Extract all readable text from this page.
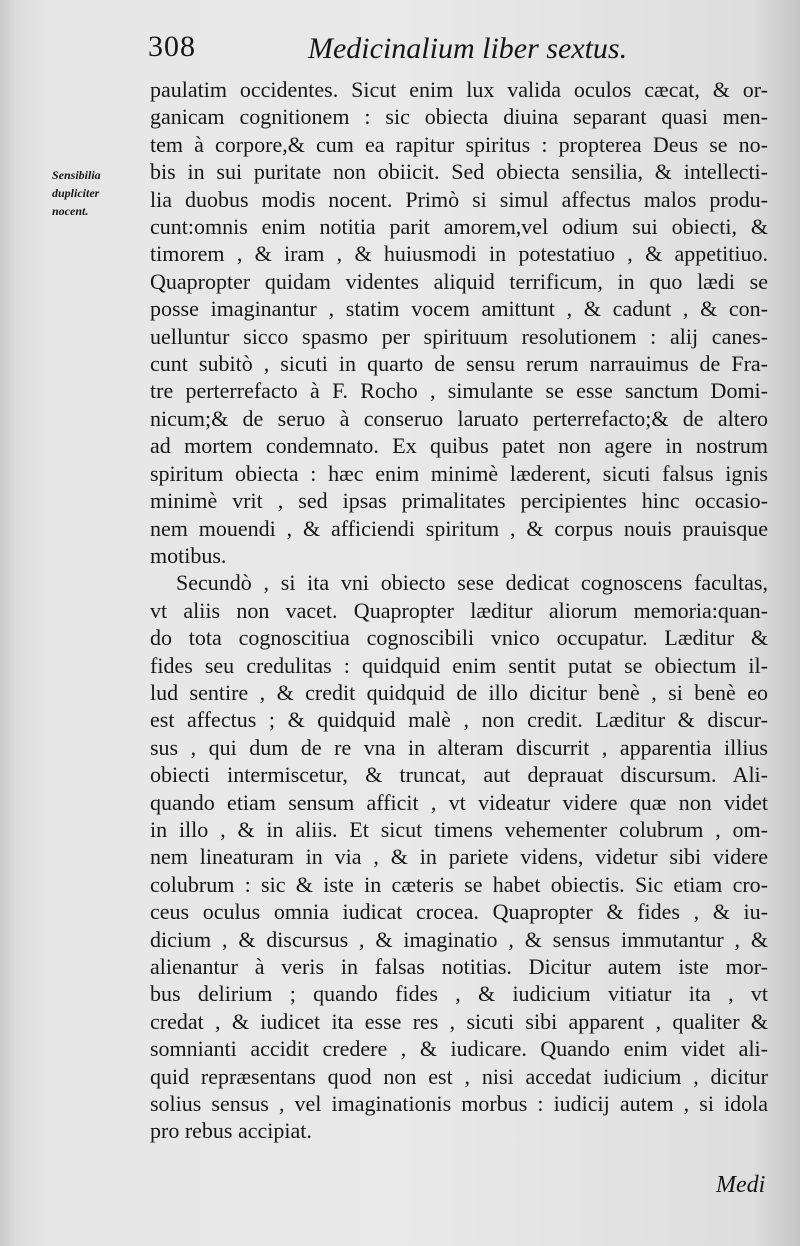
308	Medicinalium liber sextus.
Sensibilia
dupliciter
nocent.
paulatim occidentes. Sicut enim lux valida oculos cæcat, & or-
ganicam cognitionem : sic obiecta diuina separant quasi men-
tem à corpore,& cum ea rapitur spiritus : propterea Deus se no-
bis in sui puritate non obiicit. Sed obiecta sensilia, & intellecti-
lia duobus modis nocent. Primò si simul affectus malos produ-
cunt:omnis enim notitia parit amorem,vel odium sui obiecti, &
timorem , & iram , & huiusmodi in potestatiuo , & appetitiuo.
Quapropter quidam videntes aliquid terrificum, in quo lædi se
posse imaginantur , statim vocem amittunt , & cadunt , & con-
uelluntur sicco spasmo per spirituum resolutionem : alij canes-
cunt subitò , sicuti in quarto de sensu rerum narrauimus de Fra-
tre perterrefacto à F. Rocho , simulante se esse sanctum Domi-
nicum;& de seruo à conseruo laruato perterrefacto;& de altero
ad mortem condemnato. Ex quibus patet non agere in nostrum
spiritum obiecta : hæc enim minimè læderent, sicuti falsus ignis
minimè vrit , sed ipsas primalitates percipientes hinc occasio-
nem mouendi , & afficiendi spiritum , & corpus nouis prauisque
motibus.
Secundò , si ita vni obiecto sese dedicat cognoscens facultas,
vt aliis non vacet. Quapropter læditur aliorum memoria:quan-
do tota cognoscitiua cognoscibili vnico occupatur. Læditur &
fides seu credulitas : quidquid enim sentit putat se obiectum il-
lud sentire , & credit quidquid de illo dicitur benè , si benè eo
est affectus ; & quidquid malè , non credit. Læditur & discur-
sus , qui dum de re vna in alteram discurrit , apparentia illius
obiecti intermiscetur, & truncat, aut deprauat discursum. Ali-
quando etiam sensum afficit , vt videatur videre quæ non videt
in illo , & in aliis. Et sicut timens vehementer colubrum , om-
nem lineaturam in via , & in pariete videns, videtur sibi videre
colubrum : sic & iste in cæteris se habet obiectis. Sic etiam cro-
ceus oculus omnia iudicat crocea. Quapropter & fides , & iu-
dicium , & discursus , & imaginatio , & sensus immutantur , &
alienantur à veris in falsas notitias. Dicitur autem iste mor-
bus delirium ; quando fides , & iudicium vitiatur ita , vt
credat , & iudicet ita esse res , sicuti sibi apparent , qualiter &
somnianti accidit credere , & iudicare. Quando enim videt ali-
quid repræsentans quod non est , nisi accedat iudicium , dicitur
solius sensus , vel imaginationis morbus : iudicij autem , si idola
pro rebus accipiat.
Medi
